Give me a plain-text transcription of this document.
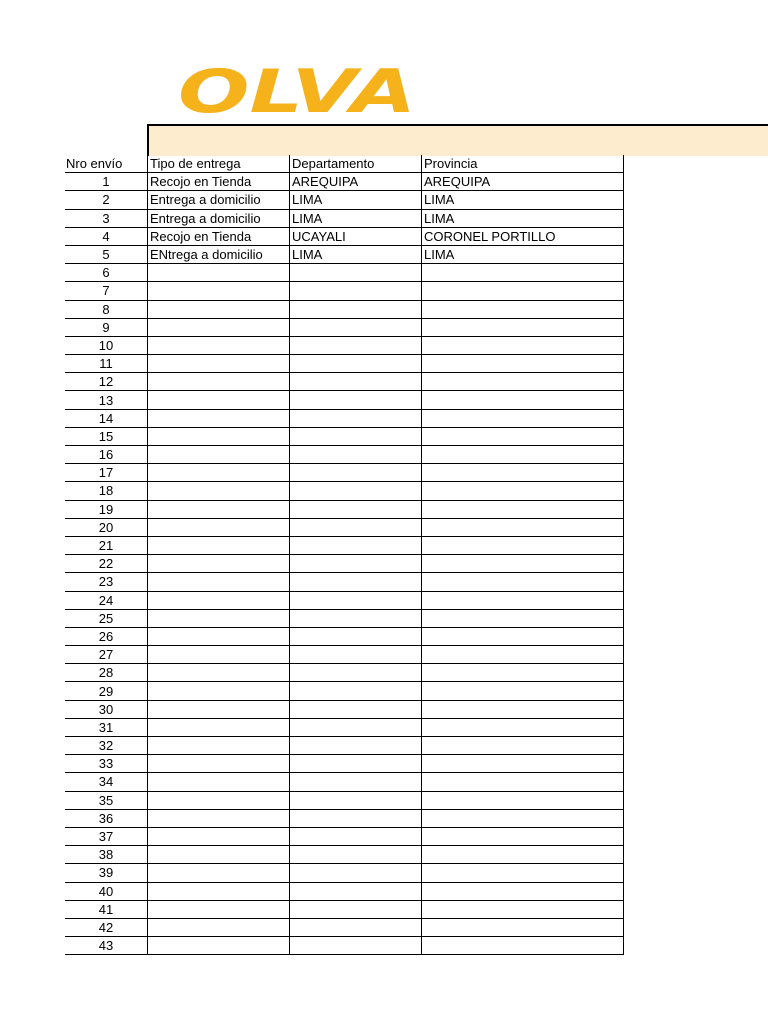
OLVA
Nro envío	Tipo de entrega	Departamento	Provincia
1	Recojo en Tienda	AREQUIPA	AREQUIPA
2	Entrega a domicilio	LIMA	LIMA
3	Entrega a domicilio	LIMA	LIMA
4	Recojo en Tienda	UCAYALI	CORONEL PORTILLO
5	ENtrega a domicilio	LIMA	LIMA
6			
7			
8			
9			
10			
11			
12			
13			
14			
15			
16			
17			
18			
19			
20			
21			
22			
23			
24			
25			
26			
27			
28			
29			
30			
31			
32			
33			
34			
35			
36			
37			
38			
39			
40			
41			
42			
43			
